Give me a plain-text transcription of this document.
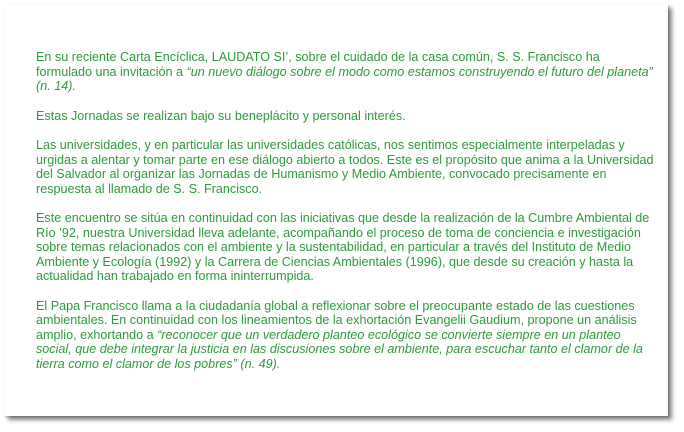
En su reciente Carta Encíclica, LAUDATO SI’, sobre el cuidado de la casa común, S. S. Francisco ha formulado una invitación a “un nuevo diálogo sobre el modo como estamos construyendo el futuro del planeta” (n. 14).

Estas Jornadas se realizan bajo su beneplácito y personal interés.

Las universidades, y en particular las universidades católicas, nos sentimos especialmente interpeladas y urgidas a alentar y tomar parte en ese diálogo abierto a todos. Este es el propósito que anima a la Universidad del Salvador al organizar las Jornadas de Humanismo y Medio Ambiente, convocado precisamente en respuesta al llamado de S. S. Francisco.

Este encuentro se sitúa en continuidad con las iniciativas que desde la realización de la Cumbre Ambiental de Río ’92, nuestra Universidad lleva adelante, acompañando el proceso de toma de conciencia e investigación sobre temas relacionados con el ambiente y la sustentabilidad, en particular a través del Instituto de Medio Ambiente y Ecología (1992) y la Carrera de Ciencias Ambientales (1996), que desde su creación y hasta la actualidad han trabajado en forma ininterrumpida.

El Papa Francisco llama a la ciudadanía global a reflexionar sobre el preocupante estado de las cuestiones ambientales. En continuidad con los lineamientos de la exhortación Evangelii Gaudium, propone un análisis amplio, exhortando a “reconocer que un verdadero planteo ecológico se convierte siempre en un planteo social, que debe integrar la justicia en las discusiones sobre el ambiente, para escuchar tanto el clamor de la tierra como el clamor de los pobres” (n. 49).
